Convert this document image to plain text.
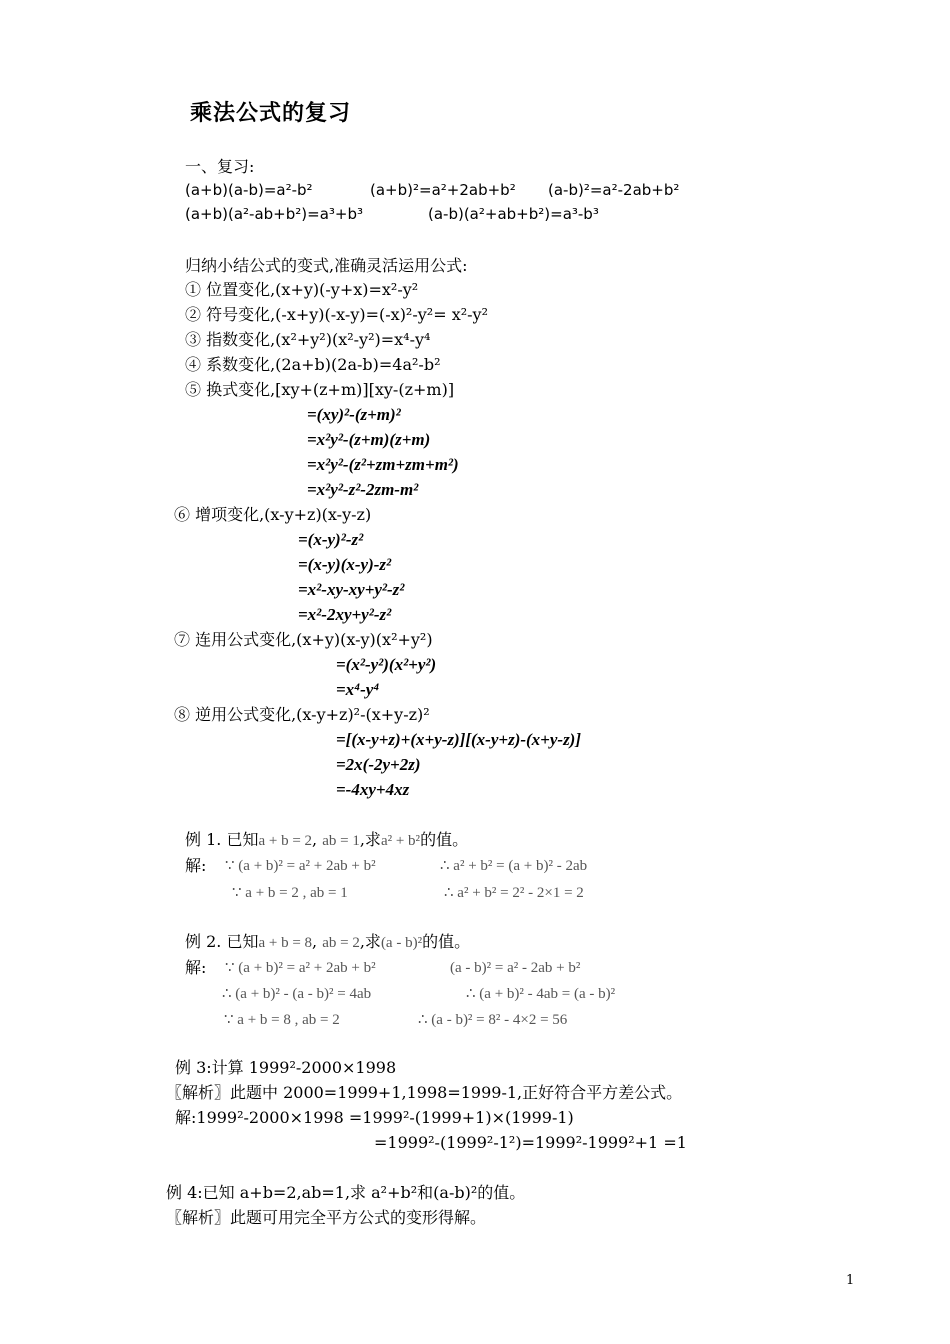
乘法公式的复习
一、复习:
(a+b)(a-b)=a²-b²	(a+b)²=a²+2ab+b² (a-b)²=a²-2ab+b²
(a+b)(a²-ab+b²)=a³+b³	(a-b)(a²+ab+b²)=a³-b³
归纳小结公式的变式,准确灵活运用公式:
① 位置变化,(x+y)(-y+x)=x²-y²
② 符号变化,(-x+y)(-x-y)=(-x)²-y²= x²-y²
③ 指数变化,(x²+y²)(x²-y²)=x⁴-y⁴
④ 系数变化,(2a+b)(2a-b)=4a²-b²
⑤ 换式变化,[xy+(z+m)][xy-(z+m)]
=(xy)²-(z+m)²
=x²y²-(z+m)(z+m)
=x²y²-(z²+zm+zm+m²)
=x²y²-z²-2zm-m²
⑥ 增项变化,(x-y+z)(x-y-z)
=(x-y)²-z²
=(x-y)(x-y)-z²
=x²-xy-xy+y²-z²
=x²-2xy+y²-z²
⑦ 连用公式变化,(x+y)(x-y)(x²+y²)
=(x²-y²)(x²+y²)
=x⁴-y⁴
⑧ 逆用公式变化,(x-y+z)²-(x+y-z)²
=[(x-y+z)+(x+y-z)][(x-y+z)-(x+y-z)]
=2x(-2y+2z)
=-4xy+4xz
例 1. 已知a + b = 2, ab = 1,求a² + b²的值。
解: ∵ (a + b)² = a² + 2ab + b²	∴ a² + b² = (a + b)² - 2ab
∵ a + b = 2 , ab = 1	∴ a² + b² = 2² - 2×1 = 2
例 2. 已知a + b = 8, ab = 2,求(a - b)²的值。
解: ∵ (a + b)² = a² + 2ab + b²	(a - b)² = a² - 2ab + b²
∴ (a + b)² - (a - b)² = 4ab	∴ (a + b)² - 4ab = (a - b)²
∵ a + b = 8 , ab = 2	∴ (a - b)² = 8² - 4×2 = 56
例 3:计算 1999²-2000×1998
〖解析〗此题中 2000=1999+1,1998=1999-1,正好符合平方差公式。
解:1999²-2000×1998 =1999²-(1999+1)×(1999-1)
=1999²-(1999²-1²)=1999²-1999²+1 =1
例 4:已知 a+b=2,ab=1,求 a²+b²和(a-b)²的值。
〖解析〗此题可用完全平方公式的变形得解。
1
